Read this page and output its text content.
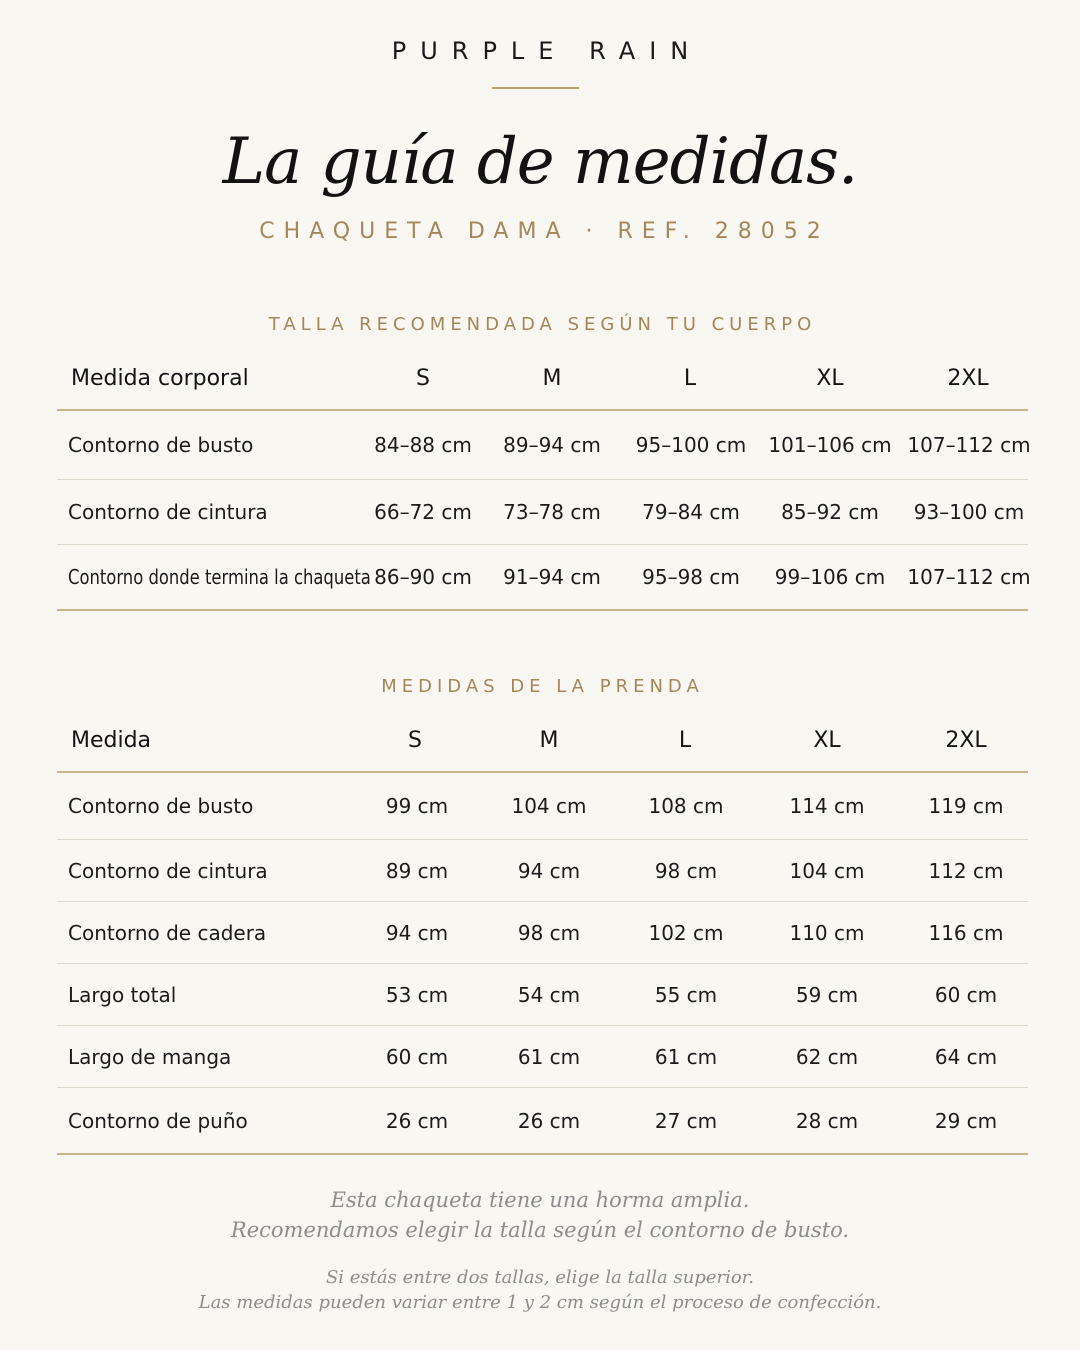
PURPLE RAIN
La guía de medidas.
CHAQUETA DAMA · REF. 28052
TALLA RECOMENDADA SEGÚN TU CUERPO
Medida corporal	S	M	L	XL	2XL
Contorno de busto	84–88 cm	89–94 cm	95–100 cm	101–106 cm 107–112 cm
Contorno de cintura	66–72 cm	73–78 cm	79–84 cm	85–92 cm	93–100 cm
Contorno donde termina la chaqueta 86–90 cm	91–94 cm	95–98 cm	99–106 cm	107–112 cm
MEDIDAS DE LA PRENDA
Medida	S	M	L	XL	2XL
Contorno de busto	99 cm	104 cm	108 cm	114 cm	119 cm
Contorno de cintura	89 cm	94 cm	98 cm	104 cm	112 cm
Contorno de cadera	94 cm	98 cm	102 cm	110 cm	116 cm
Largo total	53 cm	54 cm	55 cm	59 cm	60 cm
Largo de manga	60 cm	61 cm	61 cm	62 cm	64 cm
Contorno de puño	26 cm	26 cm	27 cm	28 cm	29 cm
Esta chaqueta tiene una horma amplia.
Recomendamos elegir la talla según el contorno de busto.
Si estás entre dos tallas, elige la talla superior.
Las medidas pueden variar entre 1 y 2 cm según el proceso de confección.
